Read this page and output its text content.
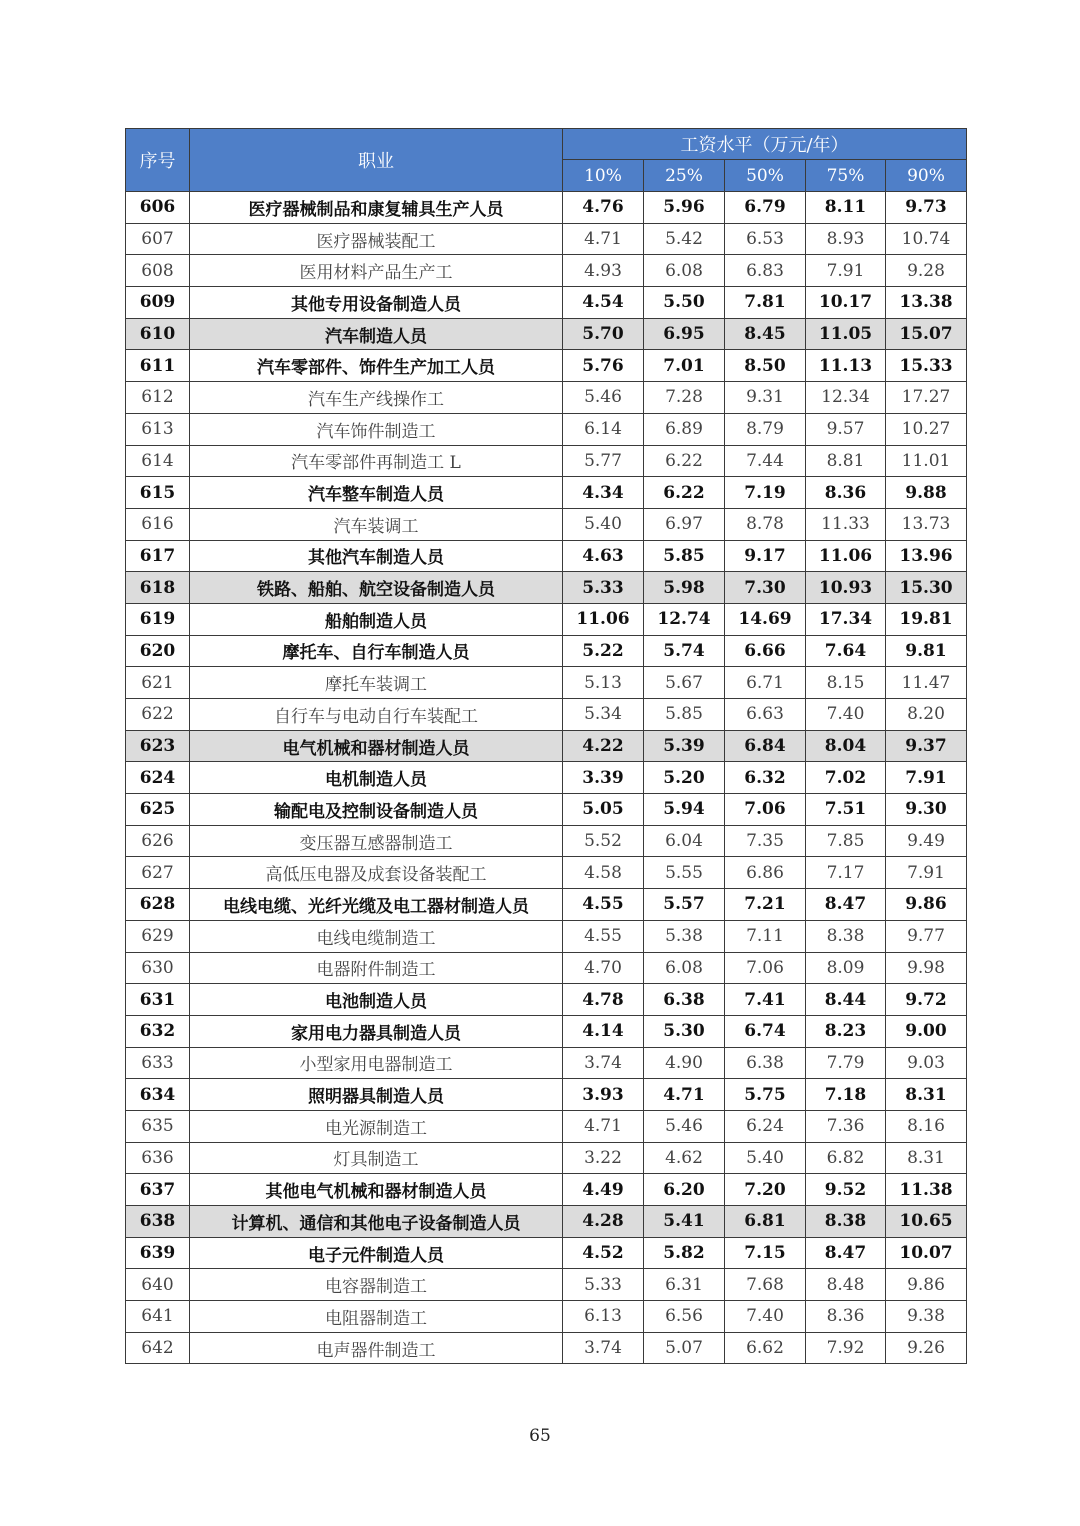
序号	职业	工资水平（万元/年）				
		10%	25%	50%	75%	90%
606	医疗器械制品和康复辅具生产人员	4.76	5.96	6.79	8.11	9.73
607	医疗器械装配工	4.71	5.42	6.53	8.93	10.74
608	医用材料产品生产工	4.93	6.08	6.83	7.91	9.28
609	其他专用设备制造人员	4.54	5.50	7.81	10.17	13.38
610	汽车制造人员	5.70	6.95	8.45	11.05	15.07
611	汽车零部件、饰件生产加工人员	5.76	7.01	8.50	11.13	15.33
612	汽车生产线操作工	5.46	7.28	9.31	12.34	17.27
613	汽车饰件制造工	6.14	6.89	8.79	9.57	10.27
614	汽车零部件再制造工 L	5.77	6.22	7.44	8.81	11.01
615	汽车整车制造人员	4.34	6.22	7.19	8.36	9.88
616	汽车装调工	5.40	6.97	8.78	11.33	13.73
617	其他汽车制造人员	4.63	5.85	9.17	11.06	13.96
618	铁路、船舶、航空设备制造人员	5.33	5.98	7.30	10.93	15.30
619	船舶制造人员	11.06	12.74	14.69	17.34	19.81
620	摩托车、自行车制造人员	5.22	5.74	6.66	7.64	9.81
621	摩托车装调工	5.13	5.67	6.71	8.15	11.47
622	自行车与电动自行车装配工	5.34	5.85	6.63	7.40	8.20
623	电气机械和器材制造人员	4.22	5.39	6.84	8.04	9.37
624	电机制造人员	3.39	5.20	6.32	7.02	7.91
625	输配电及控制设备制造人员	5.05	5.94	7.06	7.51	9.30
626	变压器互感器制造工	5.52	6.04	7.35	7.85	9.49
627	高低压电器及成套设备装配工	4.58	5.55	6.86	7.17	7.91
628	电线电缆、光纤光缆及电工器材制造人员	4.55	5.57	7.21	8.47	9.86
629	电线电缆制造工	4.55	5.38	7.11	8.38	9.77
630	电器附件制造工	4.70	6.08	7.06	8.09	9.98
631	电池制造人员	4.78	6.38	7.41	8.44	9.72
632	家用电力器具制造人员	4.14	5.30	6.74	8.23	9.00
633	小型家用电器制造工	3.74	4.90	6.38	7.79	9.03
634	照明器具制造人员	3.93	4.71	5.75	7.18	8.31
635	电光源制造工	4.71	5.46	6.24	7.36	8.16
636	灯具制造工	3.22	4.62	5.40	6.82	8.31
637	其他电气机械和器材制造人员	4.49	6.20	7.20	9.52	11.38
638	计算机、通信和其他电子设备制造人员	4.28	5.41	6.81	8.38	10.65
639	电子元件制造人员	4.52	5.82	7.15	8.47	10.07
640	电容器制造工	5.33	6.31	7.68	8.48	9.86
641	电阻器制造工	6.13	6.56	7.40	8.36	9.38
642	电声器件制造工	3.74	5.07	6.62	7.92	9.26
65
